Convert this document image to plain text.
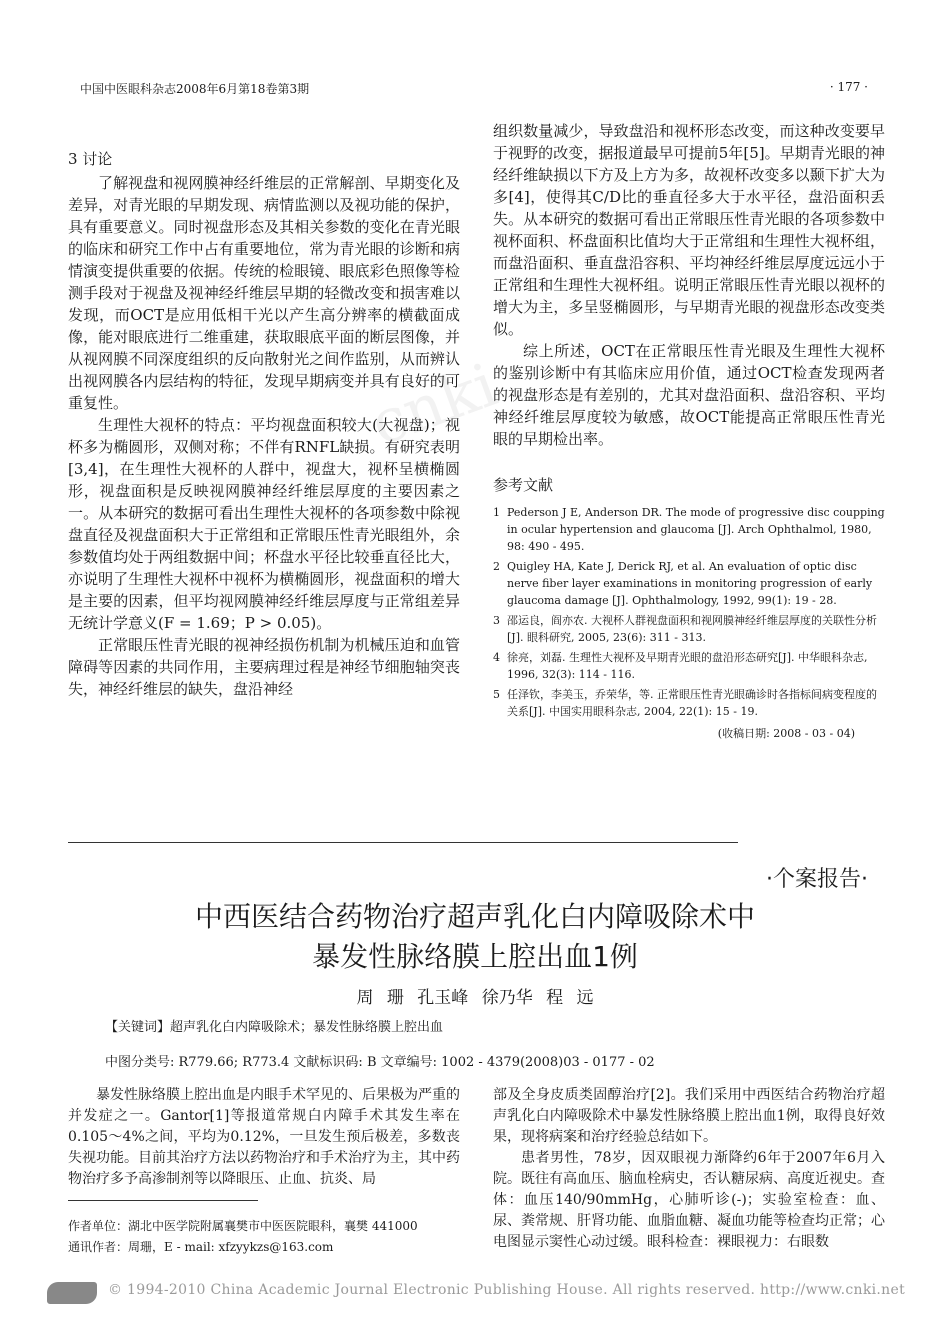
中国中医眼科杂志2008年6月第18卷第3期	· 177 ·
cnki
3 讨论

了解视盘和视网膜神经纤维层的正常解剖、早期变化及差异，对青光眼的早期发现、病情监测以及视功能的保护，具有重要意义。同时视盘形态及其相关参数的变化在青光眼的临床和研究工作中占有重要地位，常为青光眼的诊断和病情演变提供重要的依据。传统的检眼镜、眼底彩色照像等检测手段对于视盘及视神经纤维层早期的轻微改变和损害难以发现，而OCT是应用低相干光以产生高分辨率的横截面成像，能对眼底进行二维重建，获取眼底平面的断层图像，并从视网膜不同深度组织的反向散射光之间作监别，从而辨认出视网膜各内层结构的特征，发现早期病变并具有良好的可重复性。

生理性大视杯的特点：平均视盘面积较大(大视盘)；视杯多为椭圆形，双侧对称；不伴有RNFL缺损。有研究表明[3,4]，在生理性大视杯的人群中，视盘大，视杯呈横椭圆形，视盘面积是反映视网膜神经纤维层厚度的主要因素之一。从本研究的数据可看出生理性大视杯的各项参数中除视盘直径及视盘面积大于正常组和正常眼压性青光眼组外，余参数值均处于两组数据中间；杯盘水平径比较垂直径比大，亦说明了生理性大视杯中视杯为横椭圆形，视盘面积的增大是主要的因素，但平均视网膜神经纤维层厚度与正常组差异无统计学意义(F = 1.69；P > 0.05)。

正常眼压性青光眼的视神经损伤机制为机械压迫和血管障碍等因素的共同作用，主要病理过程是神经节细胞轴突丧失，神经纤维层的缺失，盘沿神经

组织数量减少，导致盘沿和视杯形态改变，而这种改变要早于视野的改变，据报道最早可提前5年[5]。早期青光眼的神经纤维缺损以下方及上方为多，故视杯改变多以颞下扩大为多[4]，使得其C/D比的垂直径多大于水平径，盘沿面积丢失。从本研究的数据可看出正常眼压性青光眼的各项参数中视杯面积、杯盘面积比值均大于正常组和生理性大视杯组，而盘沿面积、垂直盘沿容积、平均神经纤维层厚度远远小于正常组和生理性大视杯组。说明正常眼压性青光眼以视杯的增大为主，多呈竖椭圆形，与早期青光眼的视盘形态改变类似。

综上所述，OCT在正常眼压性青光眼及生理性大视杯的鉴别诊断中有其临床应用价值，通过OCT检查发现两者的视盘形态是有差别的，尤其对盘沿面积、盘沿容积、平均神经纤维层厚度较为敏感，故OCT能提高正常眼压性青光眼的早期检出率。

参考文献
1 Pederson J E, Anderson DR. The mode of progressive disc coupping in ocular hypertension and glaucoma [J]. Arch Ophthalmol, 1980, 98: 490 - 495.
2 Quigley HA, Kate J, Derick RJ, et al. An evaluation of optic disc nerve fiber layer examinations in monitoring progression of early glaucoma damage [J]. Ophthalmology, 1992, 99(1): 19 - 28.
3 邵运良，阎亦农. 大视杯人群视盘面积和视网膜神经纤维层厚度的关联性分析[J]. 眼科研究, 2005, 23(6): 311 - 313.
4 徐亮，刘磊. 生理性大视杯及早期青光眼的盘沿形态研究[J]. 中华眼科杂志, 1996, 32(3): 114 - 116.
5 任泽钦，李美玉，乔荣华，等. 正常眼压性青光眼确诊时各指标间病变程度的关系[J]. 中国实用眼科杂志, 2004, 22(1): 15 - 19.
(收稿日期: 2008 - 03 - 04)
·个案报告·
中西医结合药物治疗超声乳化白内障吸除术中
暴发性脉络膜上腔出血1例
周 珊 孔玉峰 徐乃华 程 远
【关键词】超声乳化白内障吸除术；暴发性脉络膜上腔出血
中图分类号: R779.66; R773.4 文献标识码: B 文章编号: 1002 - 4379(2008)03 - 0177 - 02

暴发性脉络膜上腔出血是内眼手术罕见的、后果极为严重的并发症之一。Gantor[1]等报道常规白内障手术其发生率在0.105～4%之间，平均为0.12%，一旦发生预后极差，多数丧失视功能。目前其治疗方法以药物治疗和手术治疗为主，其中药物治疗多予高渗制剂等以降眼压、止血、抗炎、局

部及全身皮质类固醇治疗[2]。我们采用中西医结合药物治疗超声乳化白内障吸除术中暴发性脉络膜上腔出血1例，取得良好效果，现将病案和治疗经验总结如下。

患者男性，78岁，因双眼视力渐降约6年于2007年6月入院。既往有高血压、脑血栓病史，否认糖尿病、高度近视史。查体：血压140/90mmHg，心肺听诊(-)；实验室检查：血、尿、粪常规、肝肾功能、血脂血糖、凝血功能等检查均正常；心电图显示窦性心动过缓。眼科检查：裸眼视力：右眼数

作者单位：湖北中医学院附属襄樊市中医医院眼科，襄樊 441000
通讯作者：周珊，E - mail: xfzyykzs@163.com
© 1994-2010 China Academic Journal Electronic Publishing House. All rights reserved. http://www.cnki.net
